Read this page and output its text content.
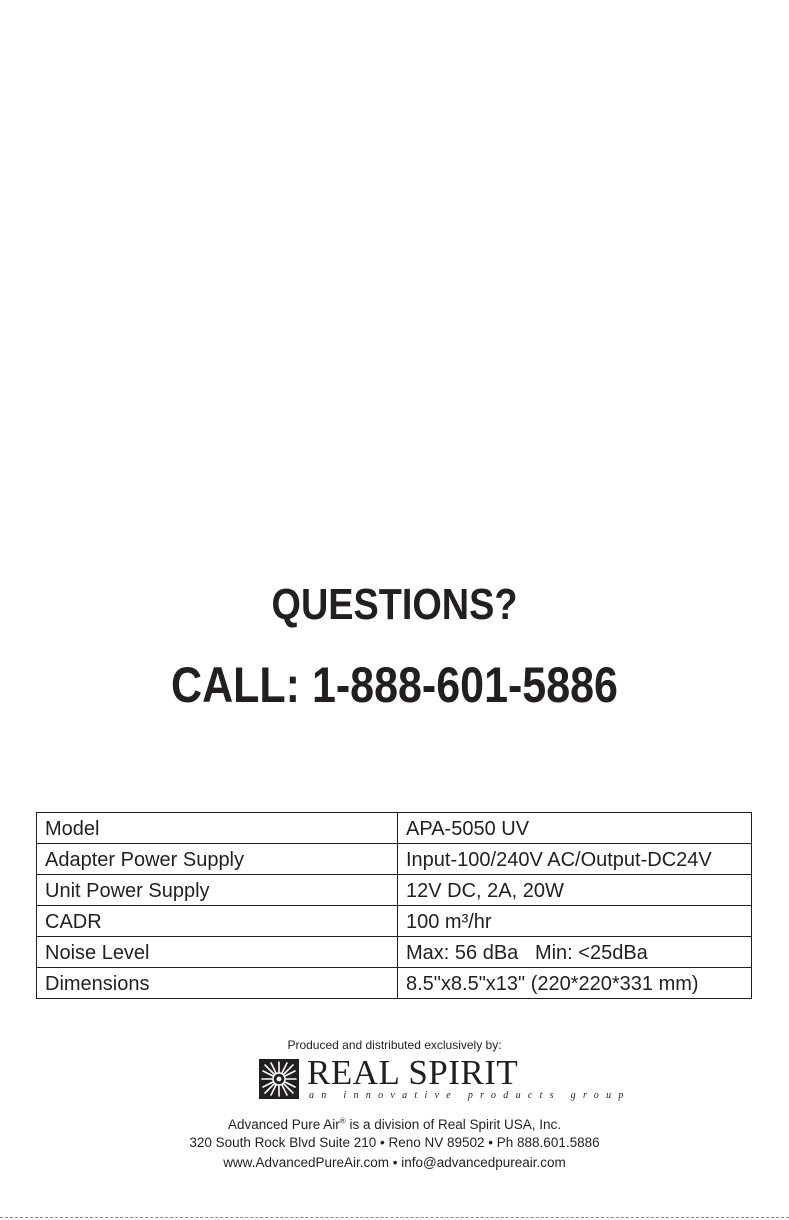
QUESTIONS?
CALL: 1-888-601-5886
Model	APA-5050 UV
Adapter Power Supply	Input-100/240V AC/Output-DC24V
Unit Power Supply	12V DC, 2A, 20W
CADR	100 m³/hr
Noise Level	Max: 56 dBa   Min: <25dBa
Dimensions	8.5"x8.5"x13" (220*220*331 mm)
Produced and distributed exclusively by:
REAL SPIRIT
an innovative products group
Advanced Pure Air® is a division of Real Spirit USA, Inc.
320 South Rock Blvd Suite 210 • Reno NV 89502 • Ph 888.601.5886
www.AdvancedPureAir.com • info@advancedpureair.com
